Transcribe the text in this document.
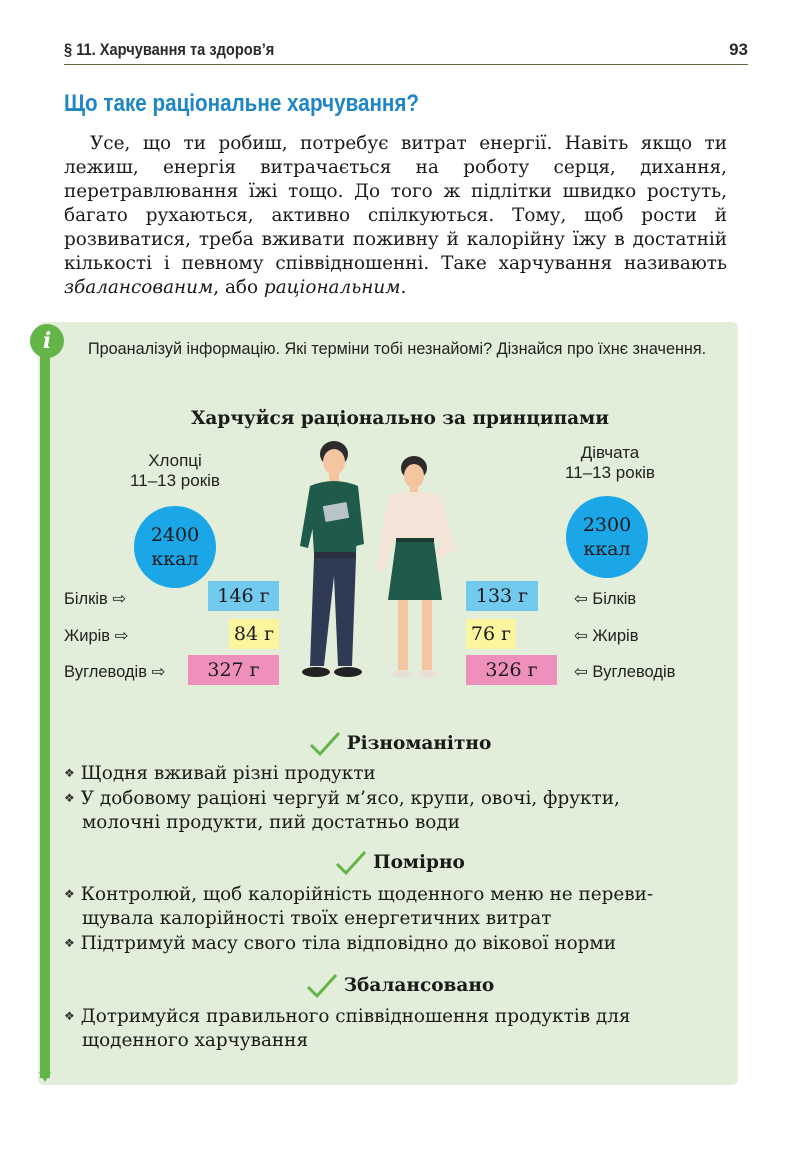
§ 11. Харчування та здоров’я	93
Що таке раціональне харчування?
Усе, що ти робиш, потребує витрат енергії. Навіть якщо ти лежиш, енергія витрачається на роботу серця, дихання, перетравлювання їжі тощо. До того ж підлітки швидко ростуть, багато рухаються, активно спілкуються. Тому, щоб рости й розвиватися, треба вживати поживну й калорійну їжу в достатній кількості і певному співвідношенні. Таке харчування називають збалансованим, або раціональним.
i	Проаналізуй інформацію. Які терміни тобі незнайомі? Дізнайся про їхнє значення.
Харчуйся раціонально за принципами
Хлопці
11–13 років
2400
ккал
Дівчата
11–13 років
2300
ккал
Білків ⇨
Жирів ⇨
Вуглеводів ⇨
146 г
84 г
327 г
133 г
76 г
326 г
⇦ Білків
⇦ Жирів
⇦ Вуглеводів
Різноманітно
❖ Щодня вживай різні продукти
❖ У добовому раціоні чергуй м’ясо, крупи, овочі, фрукти,
молочні продукти, пий достатньо води
Помірно
❖ Контролюй, щоб калорійність щоденного меню не переви-
щувала калорійності твоїх енергетичних витрат
❖ Підтримуй масу свого тіла відповідно до вікової норми
Збалансовано
❖ Дотримуйся правильного співвідношення продуктів для
щоденного харчування
